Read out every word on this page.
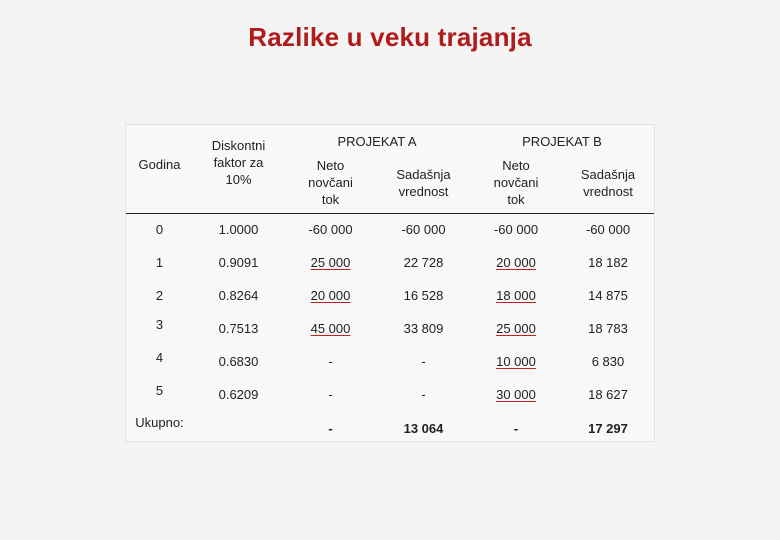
Razlike u veku trajanja
		PROJEKAT A		PROJEKAT B	
Godina	Diskontni faktor za 10%	Neto novčani tok	Sadašnja vrednost	Neto novčani tok	Sadašnja vrednost

0	1.0000	-60 000	-60 000	-60 000	-60 000
1	0.9091	25 000	22 728	20 000	18 182
2	0.8264	20 000	16 528	18 000	14 875
3	0.7513	45 000	33 809	25 000	18 783
4	0.6830	-	-	10 000	6 830
5	0.6209	-	-	30 000	18 627

Ukupno:		-	13 064	-	17 297
